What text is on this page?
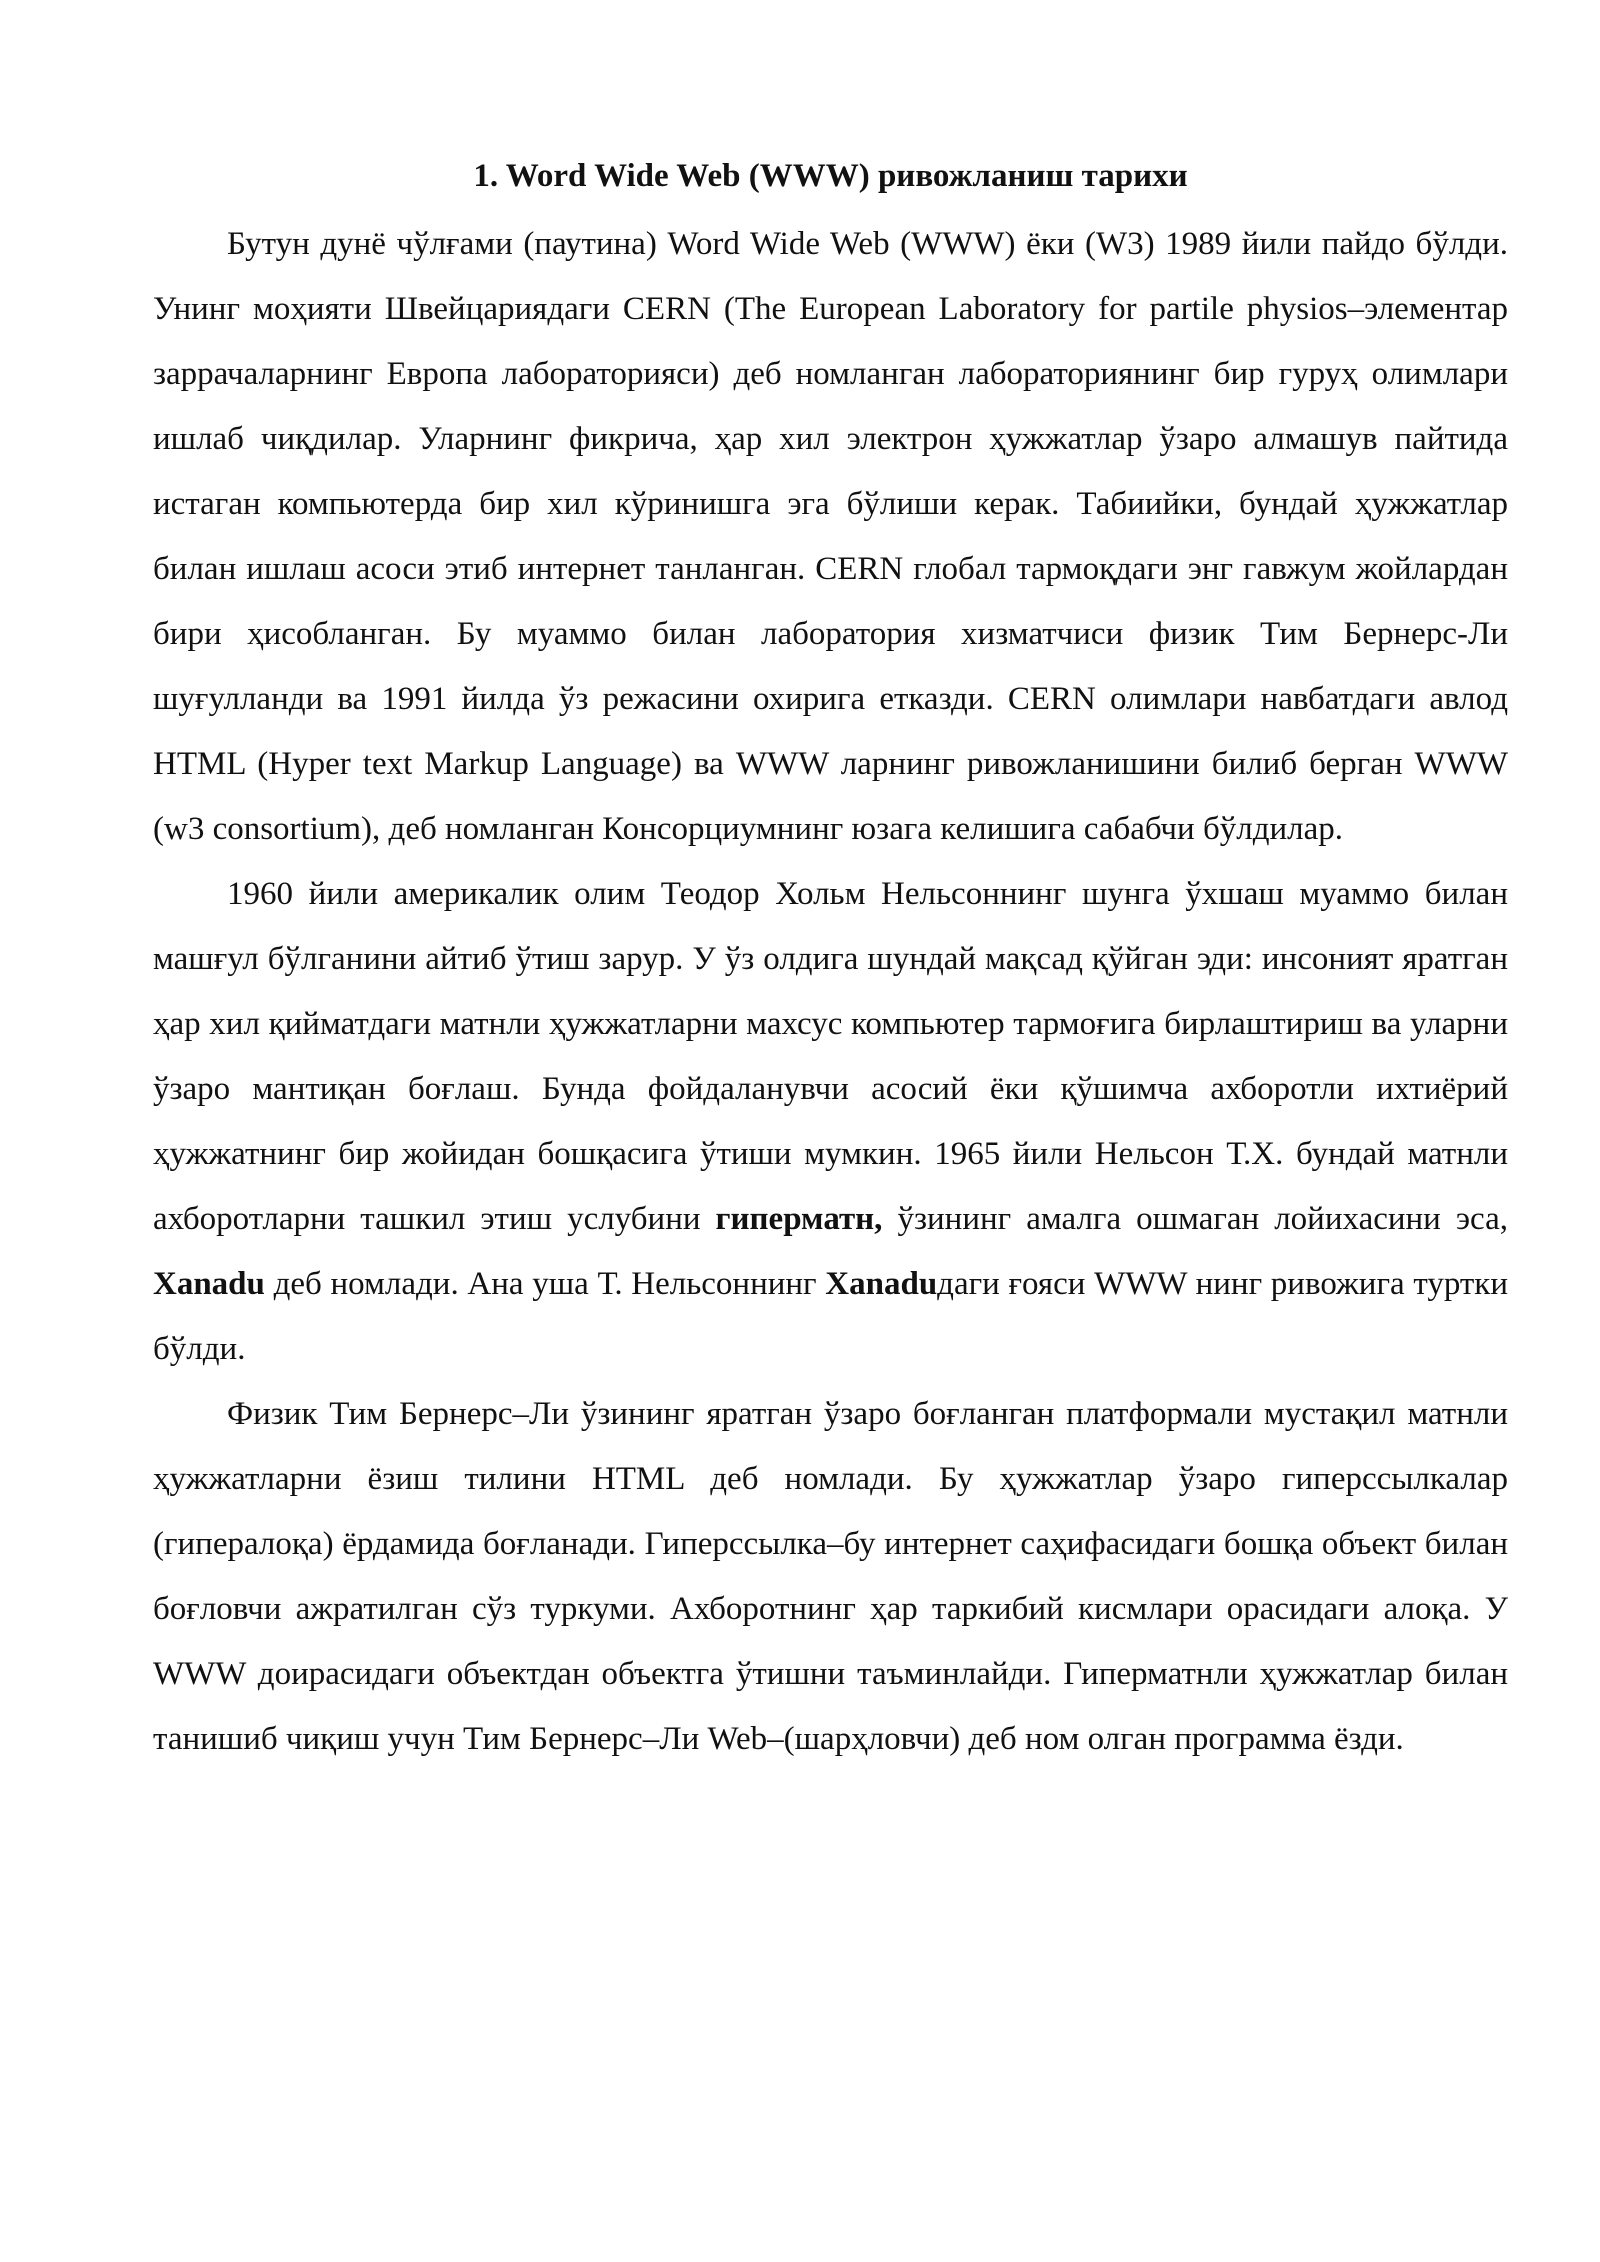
1. Word Wide Web (WWW) ривожланиш тарихи

Бутун дунё чўлғами (паутина) Word Wide Web (WWW) ёки (W3) 1989 йили пайдо бўлди. Унинг моҳияти Швейцариядаги CERN (The European Laboratory for partile physios–элементар заррачаларнинг Европа лабораторияси) деб номланган лабораториянинг бир гуруҳ олимлари ишлаб чиқдилар. Уларнинг фикрича, ҳар хил электрон ҳужжатлар ўзаро алмашув пайтида истаган компьютерда бир хил кўринишга эга бўлиши керак. Табиийки, бундай ҳужжатлар билан ишлаш асоси этиб интернет танланган. CERN глобал тармоқдаги энг гавжум жойлардан бири ҳисобланган. Бу муаммо билан лаборатория хизматчиси физик Тим Бернерс-Ли шуғулланди ва 1991 йилда ўз режасини охирига етказди. CERN олимлари навбатдаги авлод HTML (Hyper text Markup Language) ва WWW ларнинг ривожланишини билиб берган WWW (w3 consortium), деб номланган Консорциумнинг юзага келишига сабабчи бўлдилар.

1960 йили америкалик олим Теодор Хольм Нельсоннинг шунга ўхшаш муаммо билан машғул бўлганини айтиб ўтиш зарур. У ўз олдига шундай мақсад қўйган эди: инсоният яратган ҳар хил қийматдаги матнли ҳужжатларни махсус компьютер тармоғига бирлаштириш ва уларни ўзаро мантиқан боғлаш. Бунда фойдаланувчи асосий ёки қўшимча ахборотли ихтиёрий ҳужжатнинг бир жойидан бошқасига ўтиши мумкин. 1965 йили Нельсон Т.Х. бундай матнли ахборотларни ташкил этиш услубини гиперматн, ўзининг амалга ошмаган лойихасини эса, Xanadu деб номлади. Ана уша Т. Нельсоннинг Xanaduдаги ғояси WWW нинг ривожига туртки бўлди.

Физик Тим Бернерс–Ли ўзининг яратган ўзаро боғланган платформали мустақил матнли ҳужжатларни ёзиш тилини HTML деб номлади. Бу ҳужжатлар ўзаро гиперссылкалар (гипералоқа) ёрдамида боғланади. Гиперссылка–бу интернет саҳифасидаги бошқа объект билан боғловчи ажратилган сўз туркуми. Ахборотнинг ҳар таркибий кисмлари орасидаги алоқа. У WWW доирасидаги объектдан объектга ўтишни таъминлайди. Гиперматнли ҳужжатлар билан танишиб чиқиш учун Тим Бернерс–Ли Web–(шарҳловчи) деб ном олган программа ёзди.
